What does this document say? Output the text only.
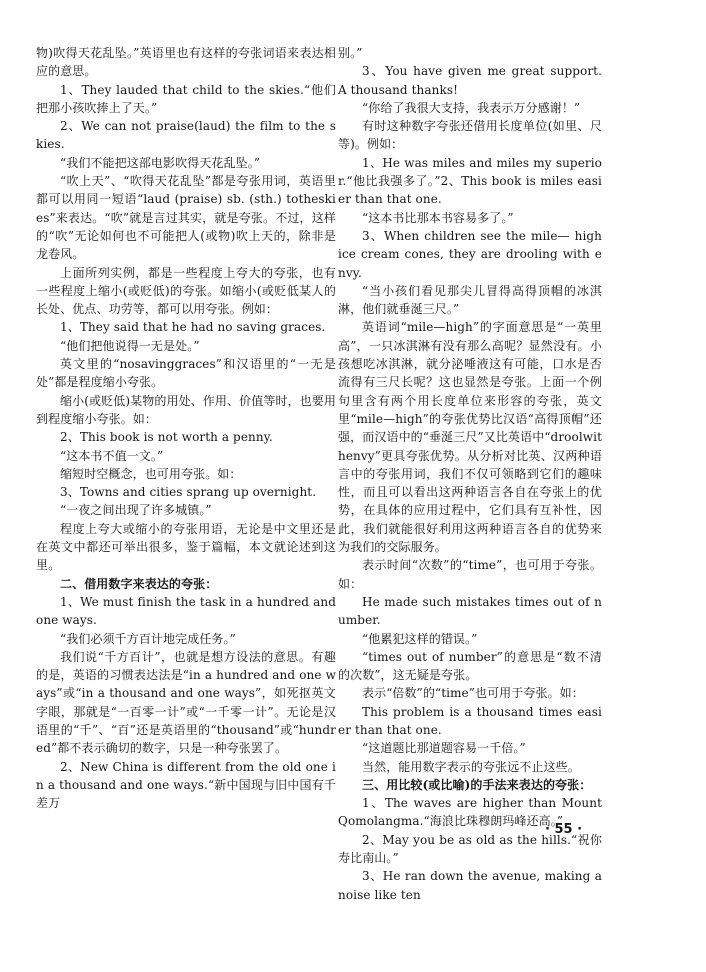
物)吹得天花乱坠。”英语里也有这样的夸张词语来表达相应的意思。

1、They lauded that child to the skies.“他们把那小孩吹捧上了天。”

2、We can not praise(laud) the film to the skies.

“我们不能把这部电影吹得天花乱坠。”

“吹上天”、“吹得天花乱坠”都是夸张用词，英语里都可以用同一短语“laud (praise) sb. (sth.) totheskies”来表达。“吹”就是言过其实，就是夸张。不过，这样的“吹”无论如何也不可能把人(或物)吹上天的，除非是龙卷风。

上面所列实例，都是一些程度上夸大的夸张，也有一些程度上缩小(或贬低)的夸张。如缩小(或贬低某人的长处、优点、功劳等，都可以用夸张。例如：

1、They said that he had no saving graces.

“他们把他说得一无是处。”

英文里的“nosavinggraces”和汉语里的“一无是处”都是程度缩小夸张。

缩小(或贬低)某物的用处、作用、价值等时，也要用到程度缩小夸张。如：

2、This book is not worth a penny.

“这本书不值一文。”

缩短时空概念，也可用夸张。如：

3、Towns and cities sprang up overnight.

“一夜之间出现了许多城镇。”

程度上夸大或缩小的夸张用语，无论是中文里还是在英文中都还可举出很多，鉴于篇幅，本文就论述到这里。

二、借用数字来表达的夸张：

1、We must finish the task in a hundred and one ways.

“我们必须千方百计地完成任务。”

我们说“千方百计”，也就是想方设法的意思。有趣的是，英语的习惯表达法是“in a hundred and one ways”或“in a thousand and one ways”，如死抠英文字眼，那就是“一百零一计”或“一千零一计”。无论是汉语里的“千”、“百”还是英语里的“thousand”或“hundred”都不表示确切的数字，只是一种夸张罢了。

2、New China is different from the old one in a thousand and one ways.“新中国现与旧中国有千差万

别。”

3、You have given me great support. A thousand thanks!

“你给了我很大支持，我表示万分感谢！”

有时这种数字夸张还借用长度单位(如里、尺等)。例如：

1、He was miles and miles my superior.“他比我强多了。”2、This book is miles easier than that one.

“这本书比那本书容易多了。”

3、When children see the mile— high ice cream cones, they are drooling with envy.

“当小孩们看见那尖儿冒得高得顶帽的冰淇淋，他们就垂涎三尺。”

英语词“mile—high”的字面意思是“一英里高”，一只冰淇淋有没有那么高呢？显然没有。小孩想吃冰淇淋，就分泌唾液这有可能，口水是否流得有三尺长呢？这也显然是夸张。上面一个例句里含有两个用长度单位来形容的夸张，英文里“mile—high”的夸张优势比汉语“高得顶帽”还强，而汉语中的“垂涎三尺”又比英语中“droolwithenvy”更具夸张优势。从分析对比英、汉两种语言中的夸张用词，我们不仅可领略到它们的趣味性，而且可以看出这两种语言各自在夸张上的优势，在具体的应用过程中，它们具有互补性，因此，我们就能很好利用这两种语言各自的优势来为我们的交际服务。

表示时间“次数”的“time”，也可用于夸张。如：

He made such mistakes times out of number.

“他累犯这样的错误。”

“times out of number”的意思是“数不清的次数”，这无疑是夸张。

表示“倍数”的“time”也可用于夸张。如：

This problem is a thousand times easier than that one.

“这道题比那道题容易一千倍。”

当然，能用数字表示的夸张远不止这些。

三、用比较(或比喻)的手法来表达的夸张：

1、The waves are higher than Mount Qomolangma.“海浪比珠穆朗玛峰还高。”

2、May you be as old as the hills.“祝你寿比南山。”

3、He ran down the avenue, making a noise like ten

· 55 ·
